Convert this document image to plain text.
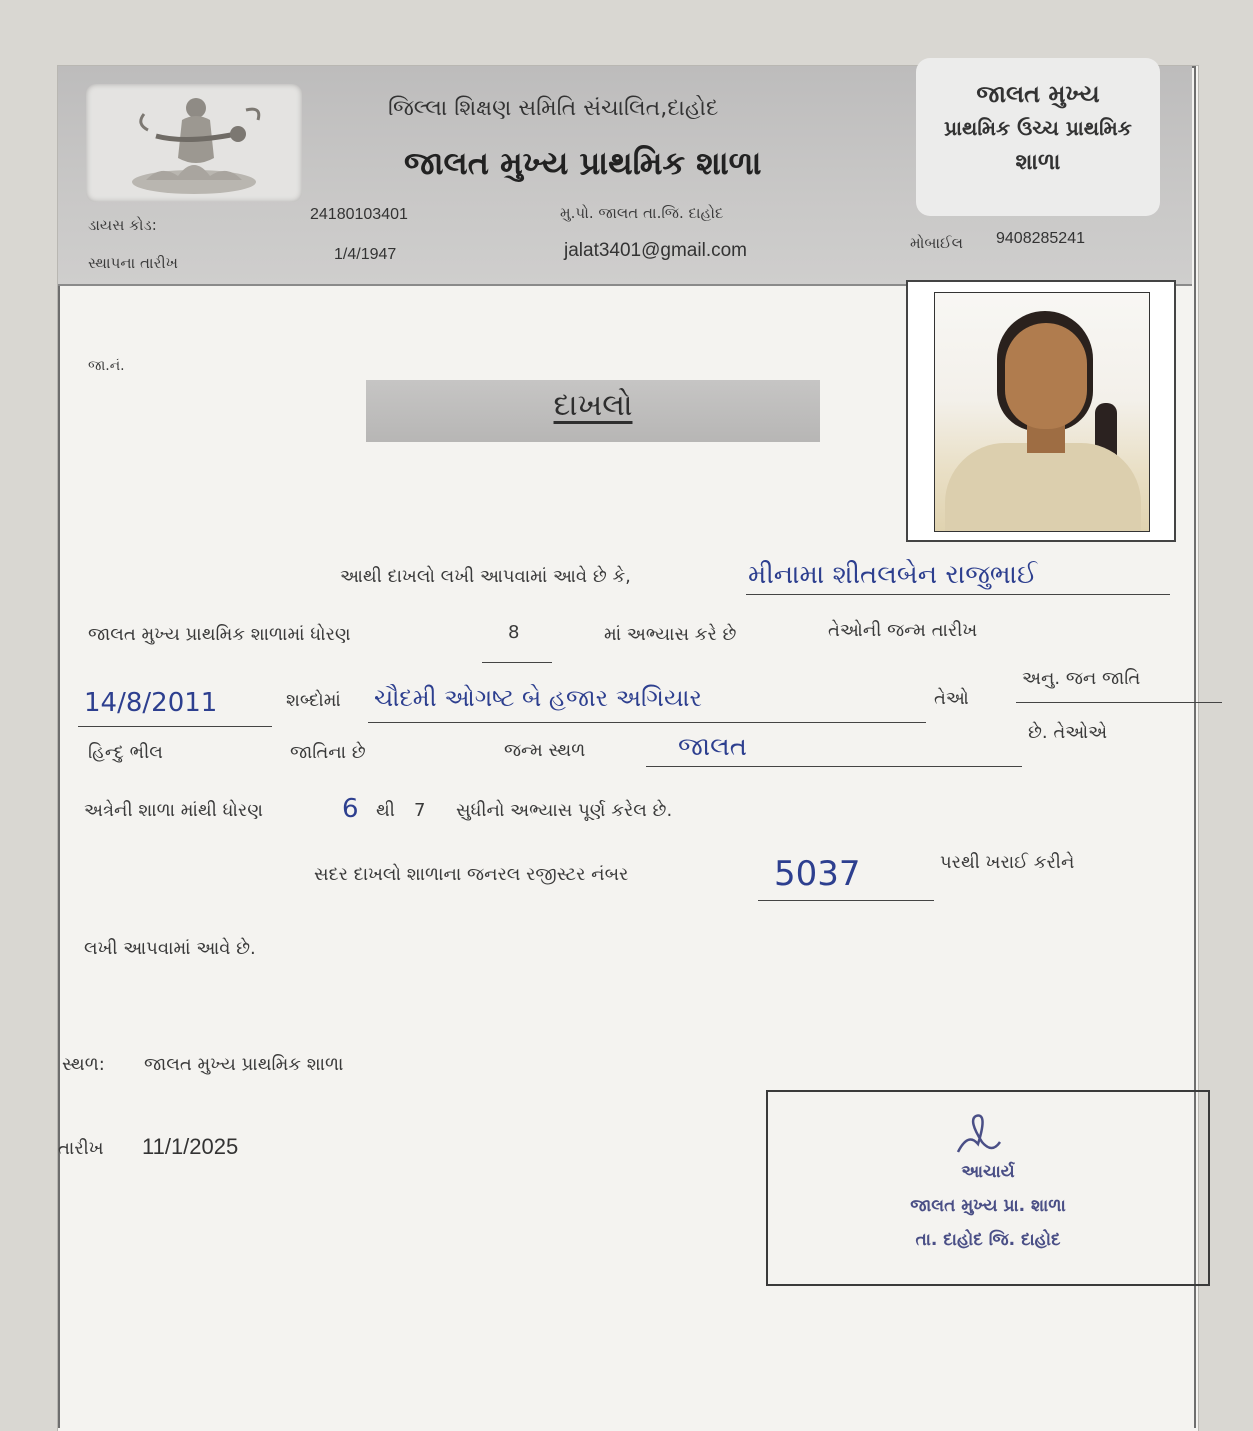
જિલ્લા શિક્ષણ સમિતિ સંચાલિત,દાહોદ
જાલત મુખ્ય પ્રાથમિક શાળા
જાલત મુખ્ય
પ્રાથમિક ઉચ્ચ પ્રાથમિક
શાળા
ડાયસ કોડ:
24180103401	મુ.પો. જાલત તા.જિ. દાહોદ
સ્થાપના તારીખ	1/4/1947	jalat3401@gmail.com	મોબાઈલ 9408285241
જા.નં.
દાખલો
આથી દાખલો લખી આપવામાં આવે છે કે,	મીનામા શીતલબેન રાજુભાઈ
જાલત મુખ્ય પ્રાથમિક શાળામાં ધોરણ	8	માં અભ્યાસ કરે છે	તેઓની જન્મ તારીખ
14/8/2011	શબ્દોમાં ચૌદમી ઓગષ્ટ બે હજાર અગિયાર	તેઓ
અનુ. જન જાતિ
હિન્દુ ભીલ	જાતિના છે	જન્મ સ્થળ	જાલત	છે. તેઓએ
અત્રેની શાળા માંથી ધોરણ	6 થી 7 સુધીનો અભ્યાસ પૂર્ણ કરેલ છે.
સદર દાખલો શાળાના જનરલ રજીસ્ટર નંબર	5037	પરથી ખરાઈ કરીને
લખી આપવામાં આવે છે.
સ્થળ: જાલત મુખ્ય પ્રાથમિક શાળા
તારીખ 11/1/2025
આચાર્ય
જાલત મુખ્ય પ્રા. શાળા
તા. દાહોદ જિ. દાહોદ
